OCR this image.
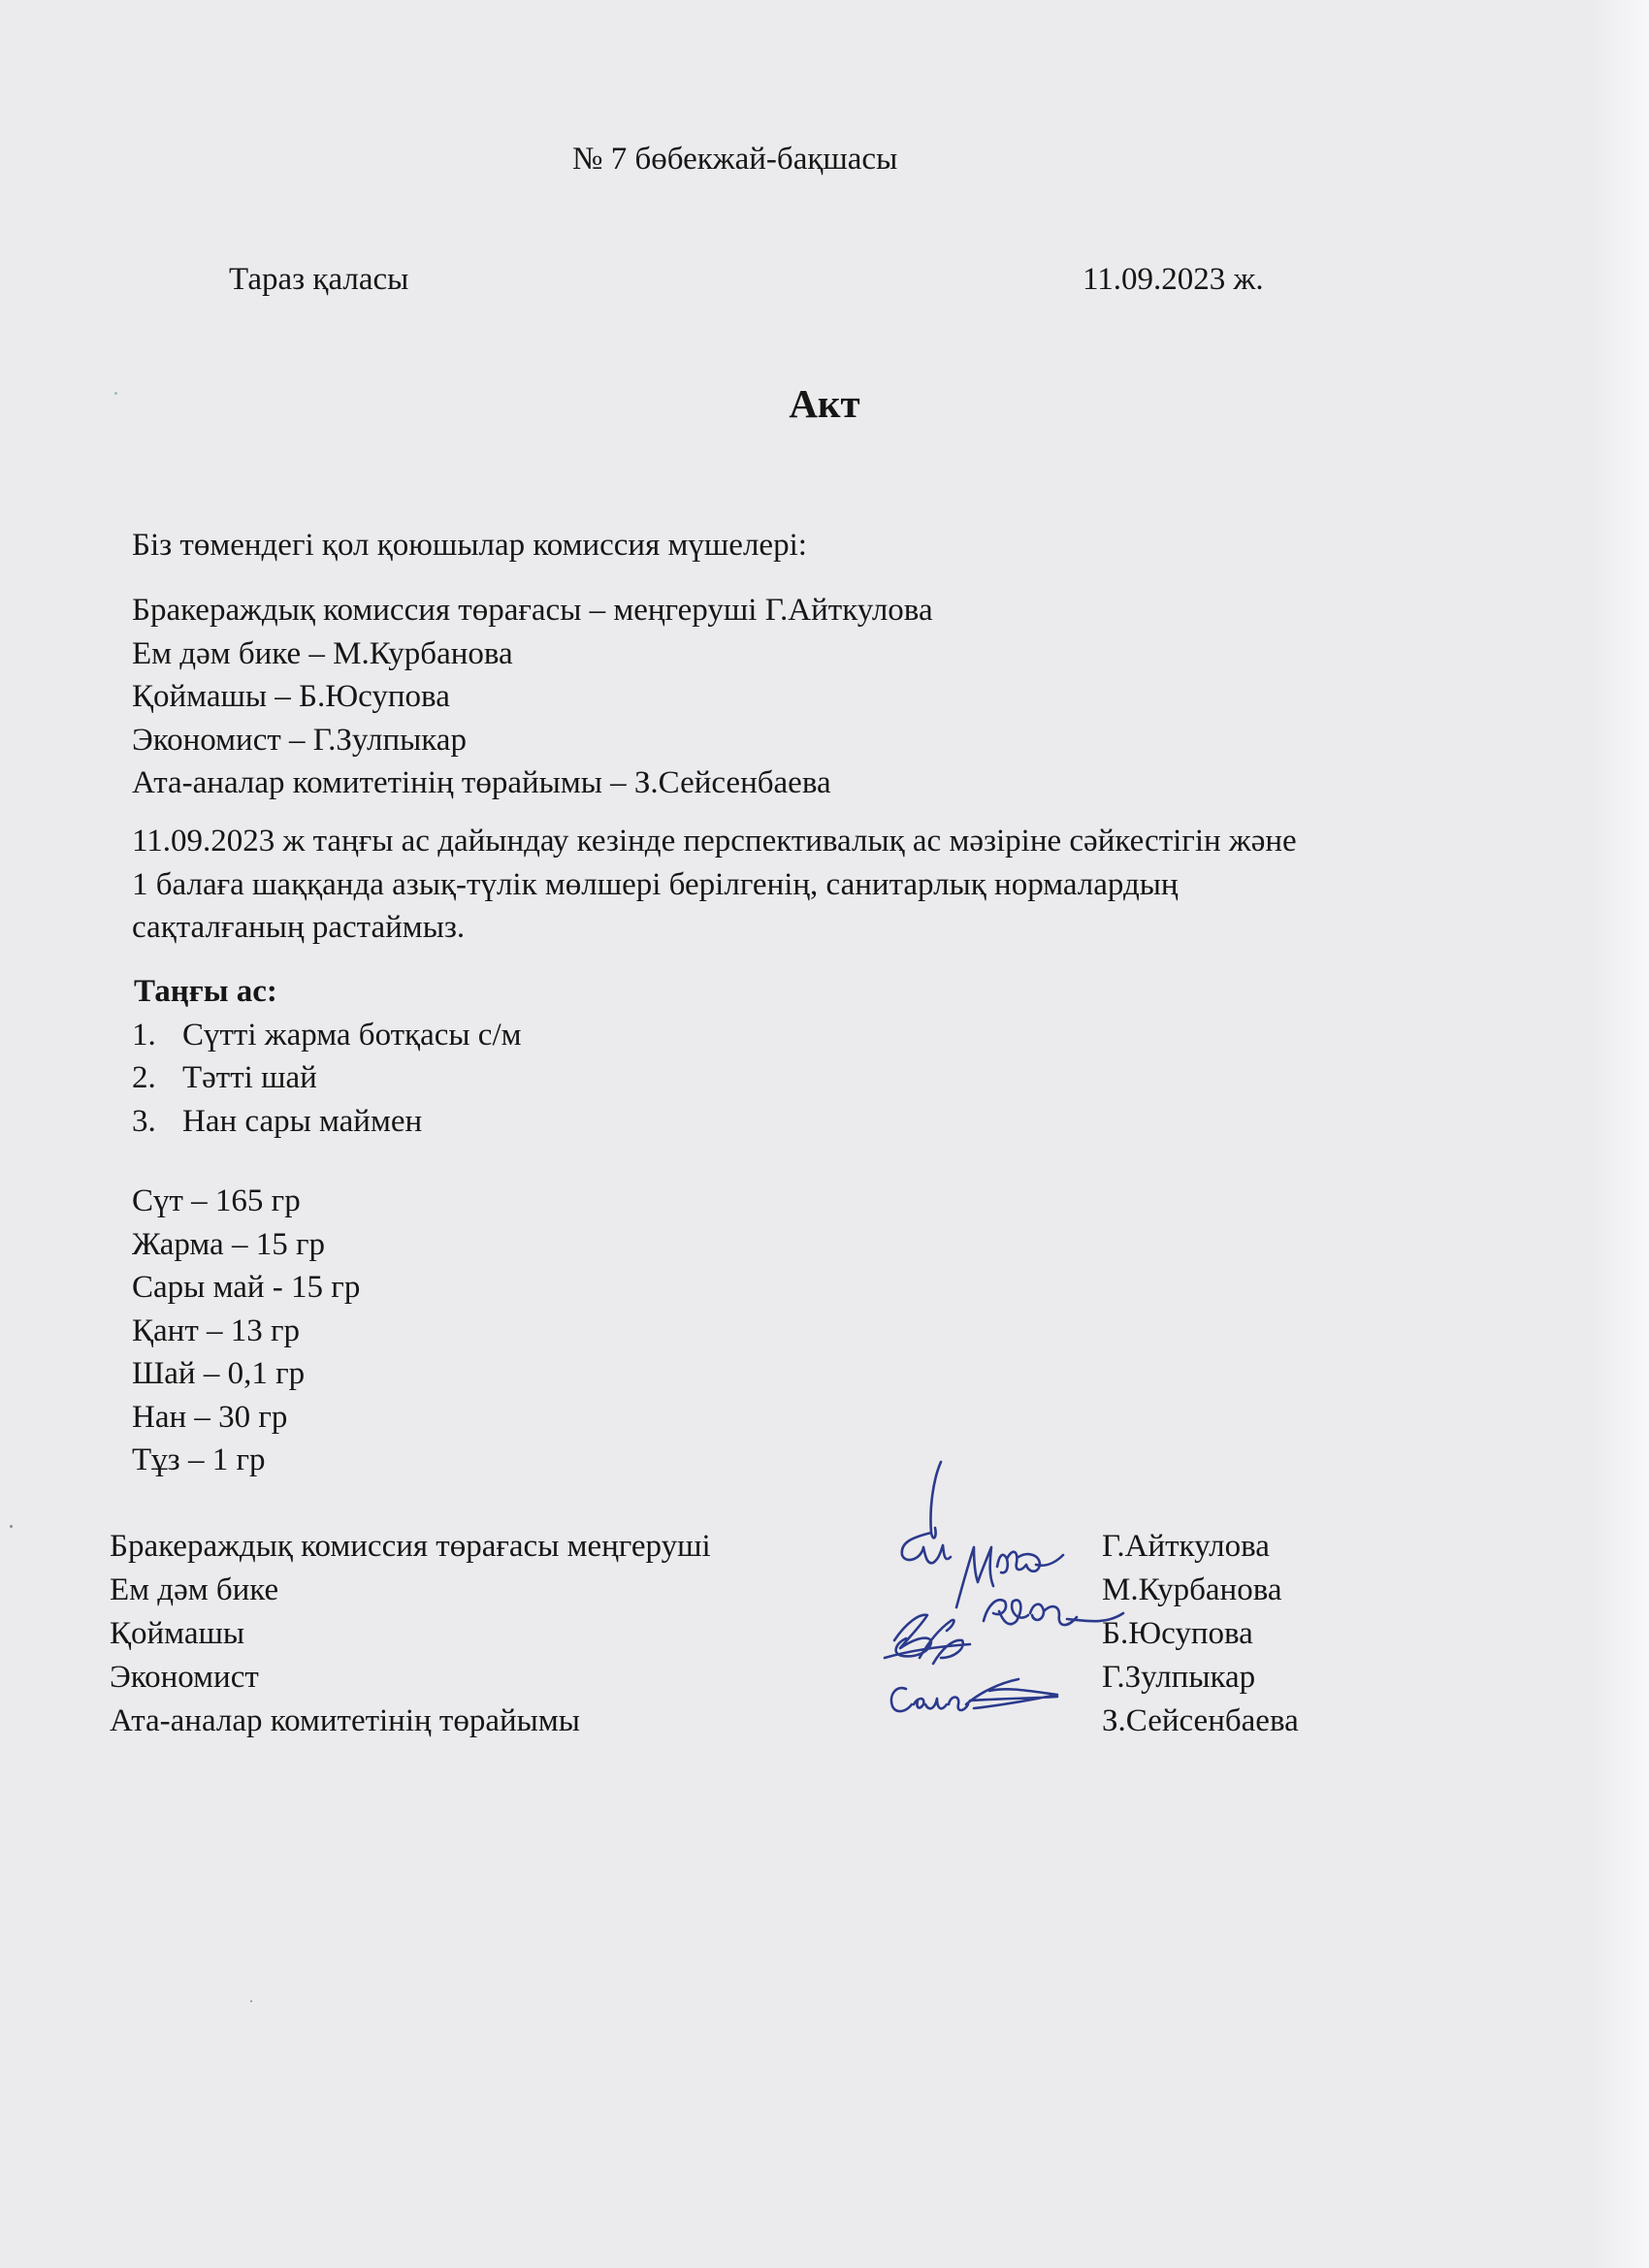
№ 7 бөбекжай-бақшасы
Тараз қаласы	11.09.2023 ж.
Акт
Біз төмендегі қол қоюшылар комиссия мүшелері:
Бракераждық комиссия төрағасы – меңгеруші Г.Айткулова
Ем дәм бике – М.Курбанова
Қоймашы – Б.Юсупова
Экономист – Г.Зулпыкар
Ата-аналар комитетінің төрайымы – З.Сейсенбаева
11.09.2023 ж таңғы ас дайындау кезінде перспективалық ас мәзіріне сәйкестігін және
1 балаға шаққанда азық-түлік мөлшері берілгенің, санитарлық нормалардың
сақталғаның растаймыз.
Таңғы ас:
1. Сүтті жарма ботқасы с/м
2. Тәтті шай
3. Нан сары маймен
Сүт – 165 гр
Жарма – 15 гр
Сары май - 15 гр
Қант – 13 гр
Шай – 0,1 гр
Нан – 30 гр
Тұз – 1 гр
Бракераждық комиссия төрағасы меңгеруші
Ем дәм бике
Қоймашы
Экономист
Ата-аналар комитетінің төрайымы
Г.Айткулова
М.Курбанова
Б.Юсупова
Г.Зулпыкар
З.Сейсенбаева
